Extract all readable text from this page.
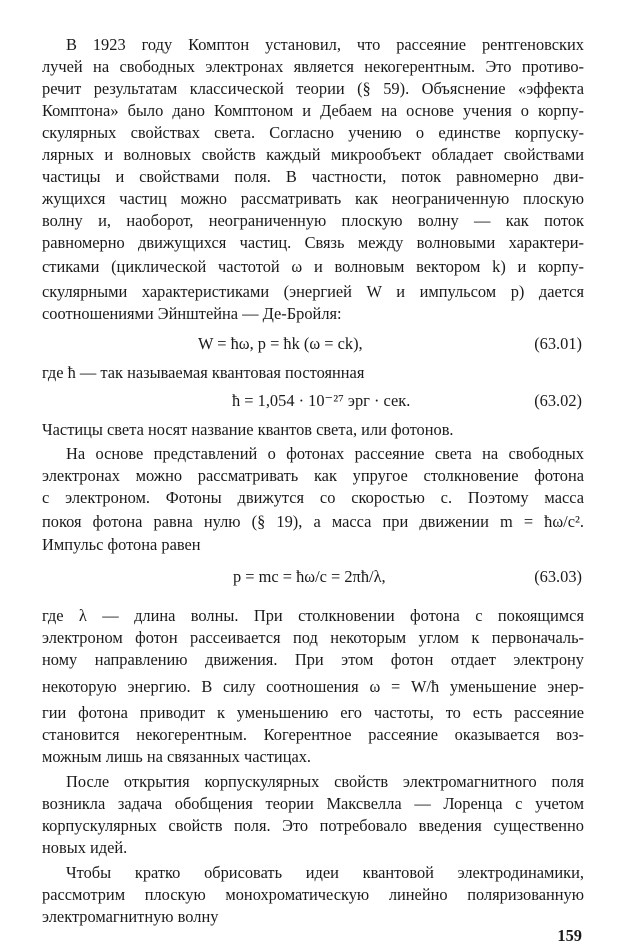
В 1923 году Комптон установил, что рассеяние рентгеновских
лучей на свободных электронах является некогерентным. Это противо-
речит результатам классической теории (§ 59). Объяснение «эффекта
Комптона» было дано Комптоном и Дебаем на основе учения о корпу-
скулярных свойствах света. Согласно учению о единстве корпуску-
лярных и волновых свойств каждый микрообъект обладает свойствами
частицы и свойствами поля. В частности, поток равномерно дви-
жущихся частиц можно рассматривать как неограниченную плоскую
волну и, наоборот, неограниченную плоскую волну — как поток
равномерно движущихся частиц. Связь между волновыми характери-
стиками (циклической частотой ω и волновым вектором k) и корпу-
скулярными характеристиками (энергией W и импульсом p) дается
соотношениями Эйнштейна — Де-Бройля:
W = ħω, p = ħk (ω = ck),	(63.01)
где ħ — так называемая квантовая постоянная
ħ = 1,054 · 10⁻²⁷ эрг · сек.	(63.02)
Частицы света носят название квантов света, или фотонов.
На основе представлений о фотонах рассеяние света на свободных
электронах можно рассматривать как упругое столкновение фотона
с электроном. Фотоны движутся со скоростью c. Поэтому масса
покоя фотона равна нулю (§ 19), а масса при движении m = ħω/c².
Импульс фотона равен
p = mc = ħω/c = 2πħ/λ,	(63.03)
где λ — длина волны. При столкновении фотона с покоящимся
электроном фотон рассеивается под некоторым углом к первоначаль-
ному направлению движения. При этом фотон отдает электрону
некоторую энергию. В силу соотношения ω = W/ħ уменьшение энер-
гии фотона приводит к уменьшению его частоты, то есть рассеяние
становится некогерентным. Когерентное рассеяние оказывается воз-
можным лишь на связанных частицах.
После открытия корпускулярных свойств электромагнитного поля
возникла задача обобщения теории Максвелла — Лоренца с учетом
корпускулярных свойств поля. Это потребовало введения существенно
новых идей.
Чтобы кратко обрисовать идеи квантовой электродинамики,
рассмотрим плоскую монохроматическую линейно поляризованную
электромагнитную волну
159
